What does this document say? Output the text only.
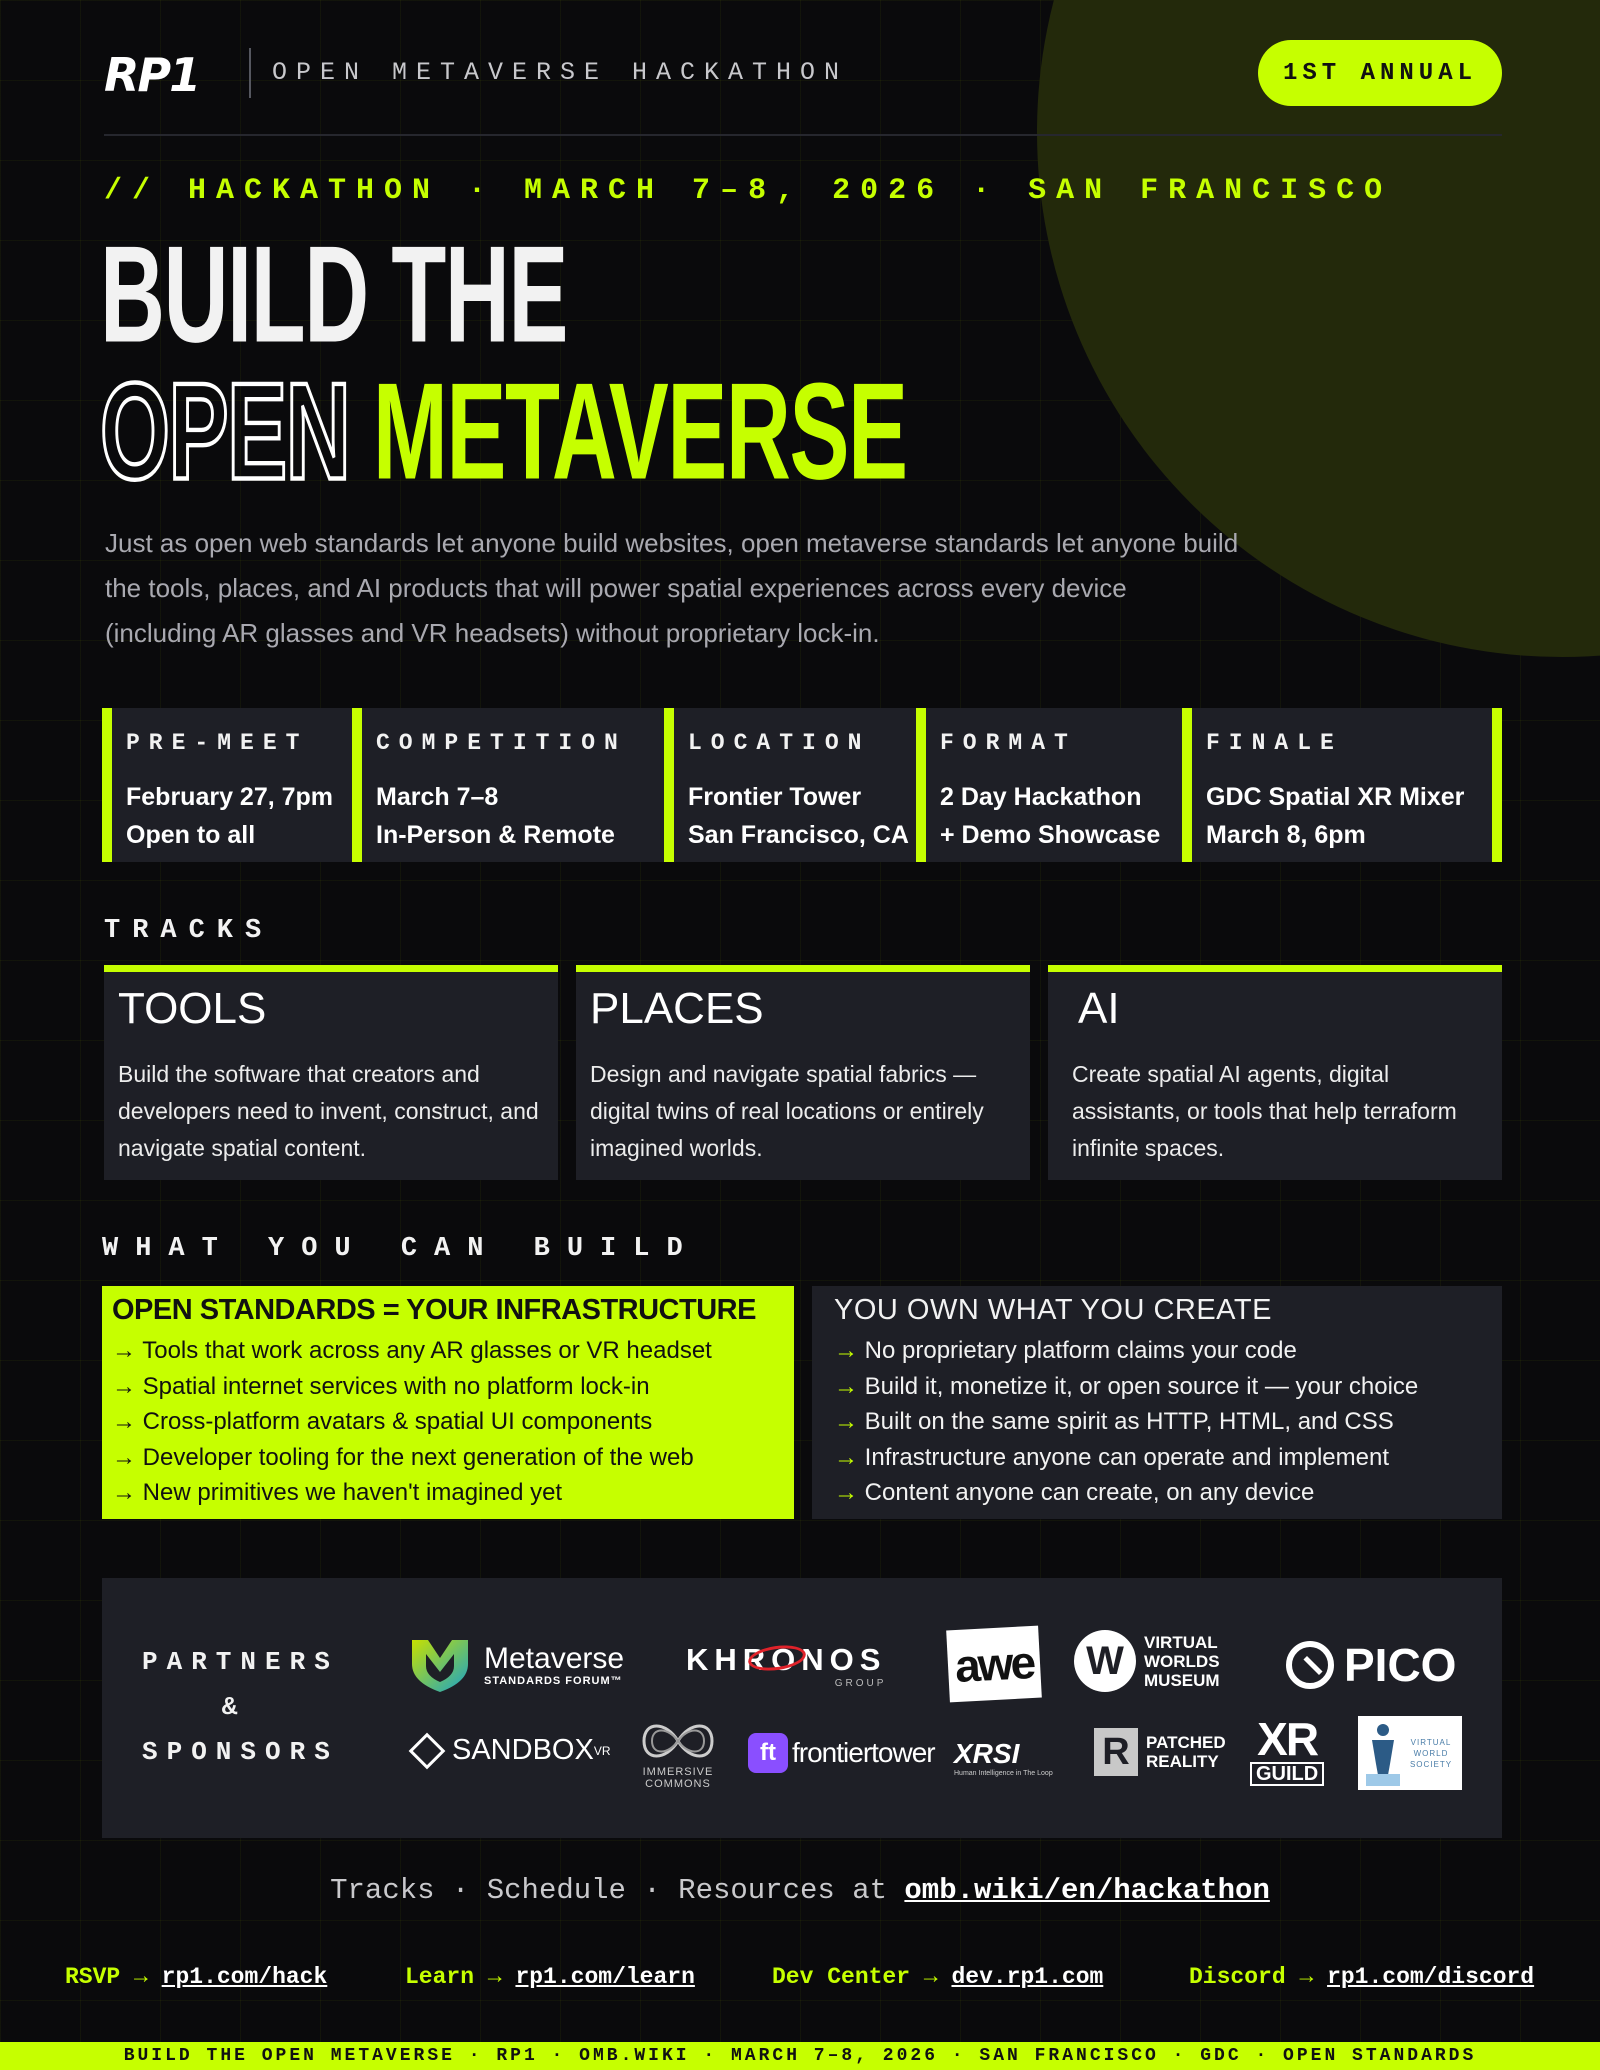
RP1	OPEN METAVERSE HACKATHON	1ST ANNUAL
// HACKATHON · MARCH 7–8, 2026 · SAN FRANCISCO
BUILD THE
OPEN METAVERSE

Just as open web standards let anyone build websites, open metaverse standards let anyone build the tools, places, and AI products that will power spatial experiences across every device (including AR glasses and VR headsets) without proprietary lock-in.

PRE-MEET
February 27, 7pm
Open to all
COMPETITION
March 7–8
In-Person & Remote
LOCATION
Frontier Tower
San Francisco, CA
FORMAT
2 Day Hackathon
+ Demo Showcase
FINALE
GDC Spatial XR Mixer
March 8, 6pm
TRACKS
TOOLS
Build the software that creators and developers need to invent, construct, and navigate spatial content.
PLACES
Design and navigate spatial fabrics — digital twins of real locations or entirely imagined worlds.
AI
Create spatial AI agents, digital assistants, or tools that help terraform infinite spaces.
WHAT YOU CAN BUILD
OPEN STANDARDS = YOUR INFRASTRUCTURE
→ Tools that work across any AR glasses or VR headset
→ Spatial internet services with no platform lock-in
→ Cross-platform avatars & spatial UI components
→ Developer tooling for the next generation of the web
→ New primitives we haven't imagined yet
YOU OWN WHAT YOU CREATE
→ No proprietary platform claims your code
→ Build it, monetize it, or open source it — your choice
→ Built on the same spirit as HTTP, HTML, and CSS
→ Infrastructure anyone can operate and implement
→ Content anyone can create, on any device
PARTNERS
&
SPONSORS
Metaverse
STANDARDS FORUM™
KHRONOS
GROUP awe	W	VIRTUAL WORLDS MUSEUM	PICO
SANDBOX VR
IMMERSIVE COMMONS
ft frontiertower XRSI
Human Intelligence in The Loop
R PATCHED REALITY XR
GUILD
VIRTUAL WORLD SOCIETY
Tracks · Schedule · Resources at omb.wiki/en/hackathon
RSVP → rp1.com/hack	Learn → rp1.com/learn	Dev Center → dev.rp1.com	Discord → rp1.com/discord
BUILD THE OPEN METAVERSE · RP1 · OMB.WIKI · MARCH 7–8, 2026 · SAN FRANCISCO · GDC · OPEN STANDARDS
